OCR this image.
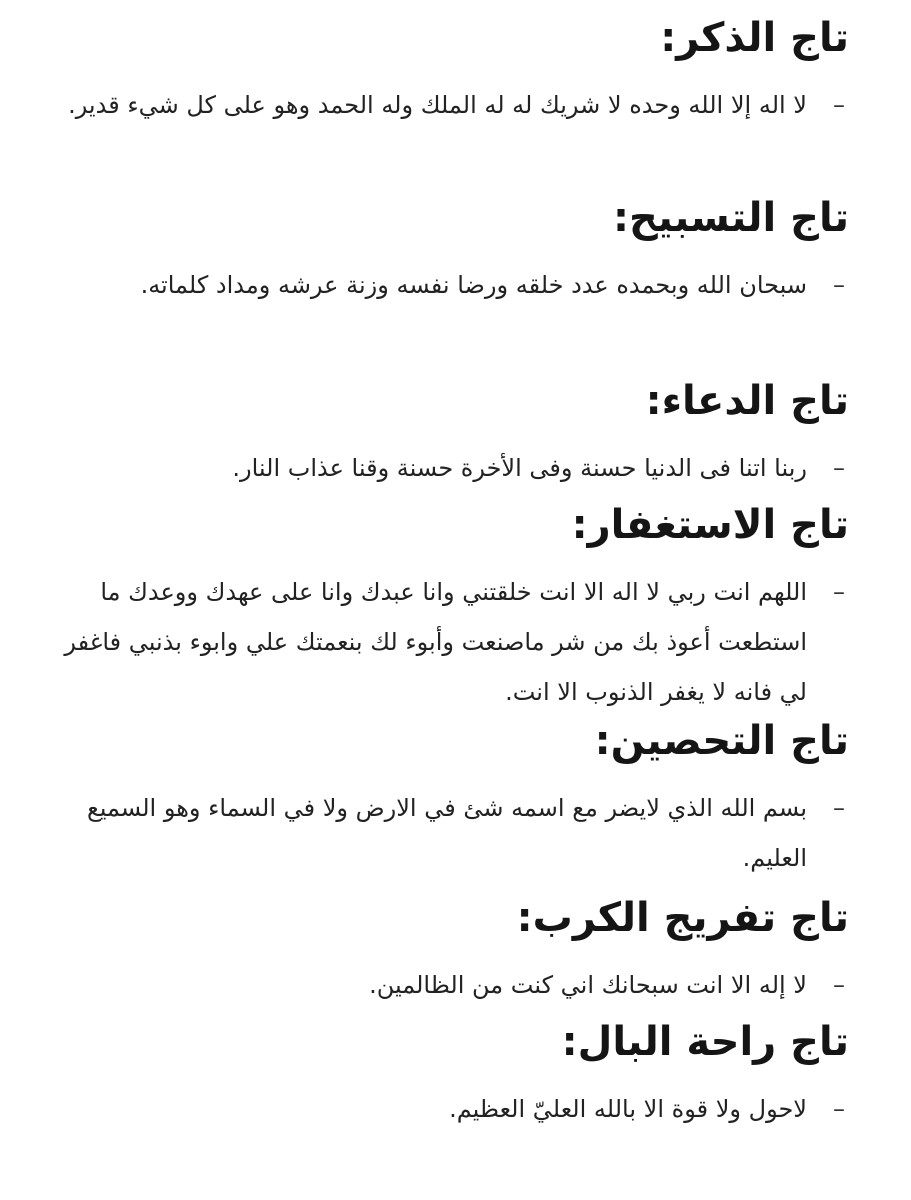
تاج الذكر:
–
لا اله إلا الله وحده لا شريك له له الملك وله الحمد وهو على كل شيء قدير.
تاج التسبيح:
–
سبحان الله وبحمده عدد خلقه ورضا نفسه وزنة عرشه ومداد كلماته.
تاج الدعاء:
–
ربنا اتنا فى الدنيا حسنة وفى الأخرة حسنة وقنا عذاب النار.
تاج الاستغفار:
–
اللهم انت ربي لا اله الا انت خلقتني وانا عبدك وانا على عهدك ووعدك ما استطعت أعوذ بك من شر ماصنعت وأبوء لك بنعمتك علي وابوء بذنبي فاغفر لي فانه لا يغفر الذنوب الا انت.
تاج التحصين:
–
بسم الله الذي لايضر مع اسمه شئ في الارض ولا في السماء وهو السميع العليم.
تاج تفريج الكرب:
–
لا إله الا انت سبحانك اني كنت من الظالمين.
تاج راحة البال:
–
لاحول ولا قوة الا بالله العليّ العظيم.
